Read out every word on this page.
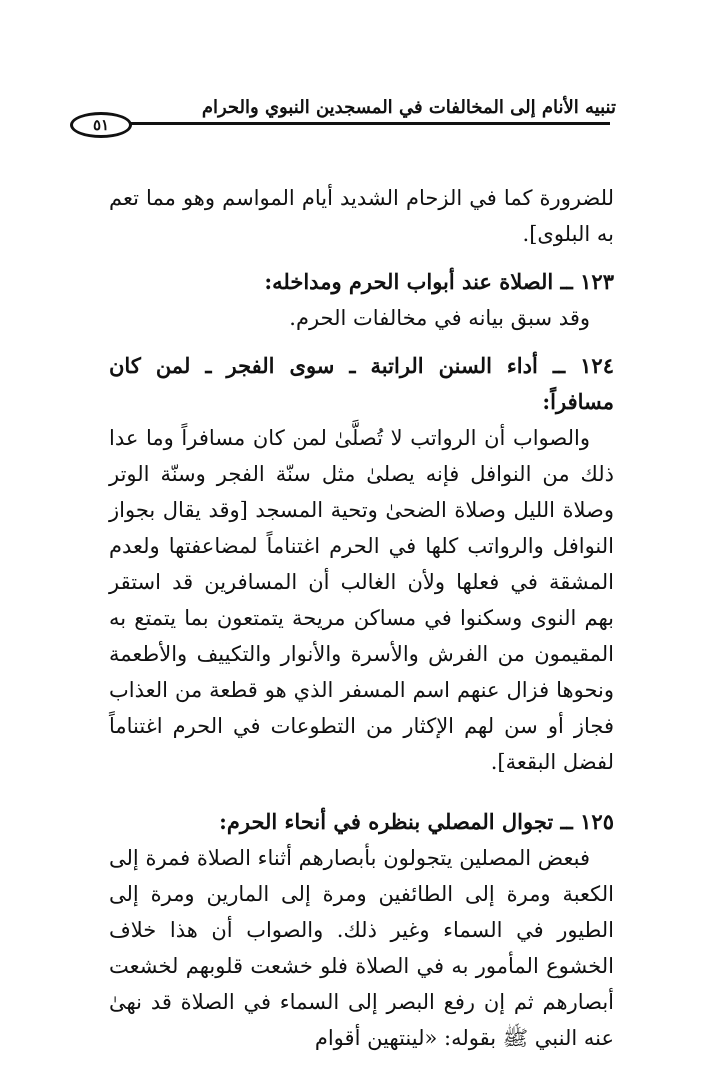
تنبيه الأنام إلى المخالفات في المسجدين النبوي والحرام
٥١

للضرورة كما في الزحام الشديد أيام المواسم وهو مما تعم به البلوى].

١٢٣ ــ الصلاة عند أبواب الحرم ومداخله:

وقد سبق بيانه في مخالفات الحرم.

١٢٤ ــ أداء السنن الراتبة ـ سوى الفجر ـ لمن كان مسافراً:

والصواب أن الرواتب لا تُصلَّىٰ لمن كان مسافراً وما عدا ذلك من النوافل فإنه يصلىٰ مثل سنّة الفجر وسنّة الوتر وصلاة الليل وصلاة الضحىٰ وتحية المسجد [وقد يقال بجواز النوافل والرواتب كلها في الحرم اغتناماً لمضاعفتها ولعدم المشقة في فعلها ولأن الغالب أن المسافرين قد استقر بهم النوى وسكنوا في مساكن مريحة يتمتعون بما يتمتع به المقيمون من الفرش والأسرة والأنوار والتكييف والأطعمة ونحوها فزال عنهم اسم المسفر الذي هو قطعة من العذاب فجاز أو سن لهم الإكثار من التطوعات في الحرم اغتناماً لفضل البقعة].

١٢٥ ــ تجوال المصلي بنظره في أنحاء الحرم:

فبعض المصلين يتجولون بأبصارهم أثناء الصلاة فمرة إلى الكعبة ومرة إلى الطائفين ومرة إلى المارين ومرة إلى الطيور في السماء وغير ذلك. والصواب أن هذا خلاف الخشوع المأمور به في الصلاة فلو خشعت قلوبهم لخشعت أبصارهم ثم إن رفع البصر إلى السماء في الصلاة قد نهىٰ عنه النبي ﷺ بقوله: «لينتهين أقوام
